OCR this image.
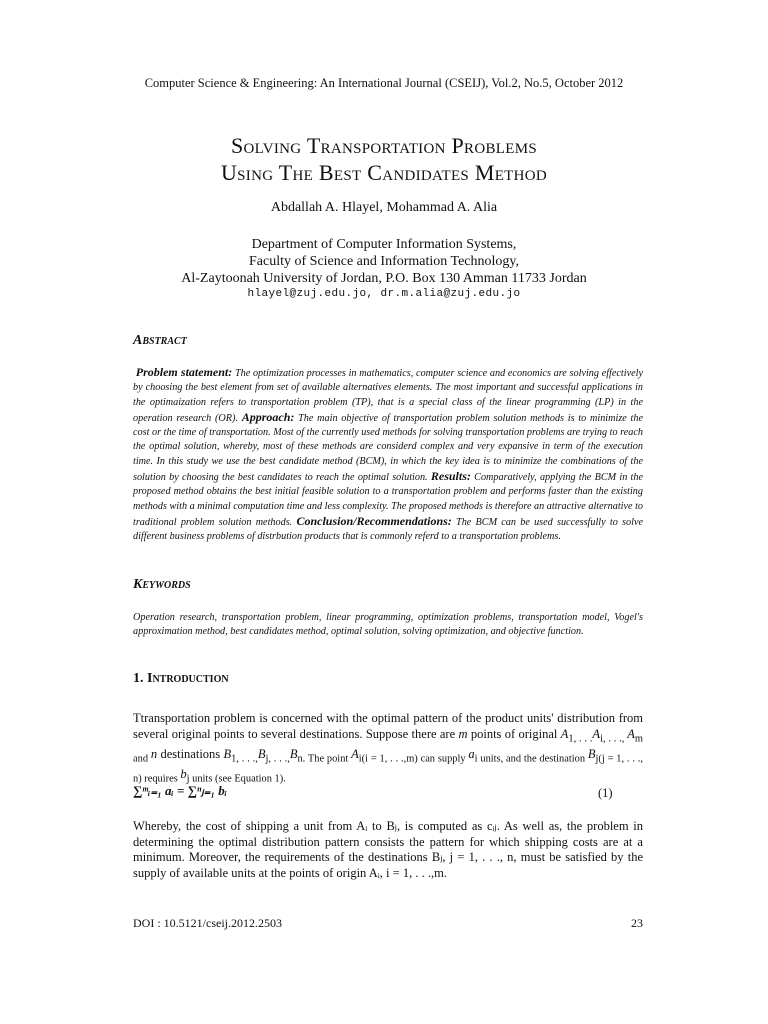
Computer Science & Engineering: An International Journal (CSEIJ), Vol.2, No.5, October 2012
Solving Transportation Problems
Using The Best Candidates Method
Abdallah A. Hlayel, Mohammad A. Alia
Department of Computer Information Systems,
Faculty of Science and Information Technology,
Al-Zaytoonah University of Jordan, P.O. Box 130 Amman 11733 Jordan
hlayel@zuj.edu.jo, dr.m.alia@zuj.edu.jo
Abstract
Problem statement: The optimization processes in mathematics, computer science and economics are solving effectively by choosing the best element from set of available alternatives elements. The most important and successful applications in the optimaization refers to transportation problem (TP), that is a special class of the linear programming (LP) in the operation research (OR). Approach: The main objective of transportation problem solution methods is to minimize the cost or the time of transportation. Most of the currently used methods for solving transportation problems are trying to reach the optimal solution, whereby, most of these methods are considerd complex and very expansive in term of the execution time. In this study we use the best candidate method (BCM), in which the key idea is to minimize the combinations of the solution by choosing the best candidates to reach the optimal solution. Results: Comparatively, applying the BCM in the proposed method obtains the best initial feasible solution to a transportation problem and performs faster than the existing methods with a minimal computation time and less complexity. The proposed methods is therefore an attractive alternative to traditional problem solution methods. Conclusion/Recommendations: The BCM can be used successfully to solve different business problems of distrbution products that is commonly referd to a transportation problems.
Keywords
Operation research, transportation problem, linear programming, optimization problems, transportation model, Vogel's approximation method, best candidates method, optimal solution, solving optimization, and objective function.
1. Introduction
Ttransportation problem is concerned with the optimal pattern of the product units' distribution from several original points to several destinations. Suppose there are m points of original $A_{1, . . .}A_{i, . . .,}$ $A_{m and}$ n destinations $B_{1, . . .,}B_{j, . . .,}B_{n. The point}$ $A_{i(i = 1, . . .,m) can supply}$ $a_{i units, and the destination}$ $B_{j(j = 1, . . ., n) requires}$ $b_{j units (see Equation 1).}$
∑ᵐᵢ₌₁ aᵢ = ∑ⁿⱼ₌₁ bᵢ	(1)
Whereby, the cost of shipping a unit from Aᵢ to Bⱼ, is computed as cᵢⱼ. As well as, the problem in determining the optimal distribution pattern consists the pattern for which shipping costs are at a minimum. Moreover, the requirements of the destinations Bⱼ, j = 1, . . ., n, must be satisfied by the supply of available units at the points of origin Aᵢ, i = 1, . . .,m.
DOI : 10.5121/cseij.2012.2503	23
